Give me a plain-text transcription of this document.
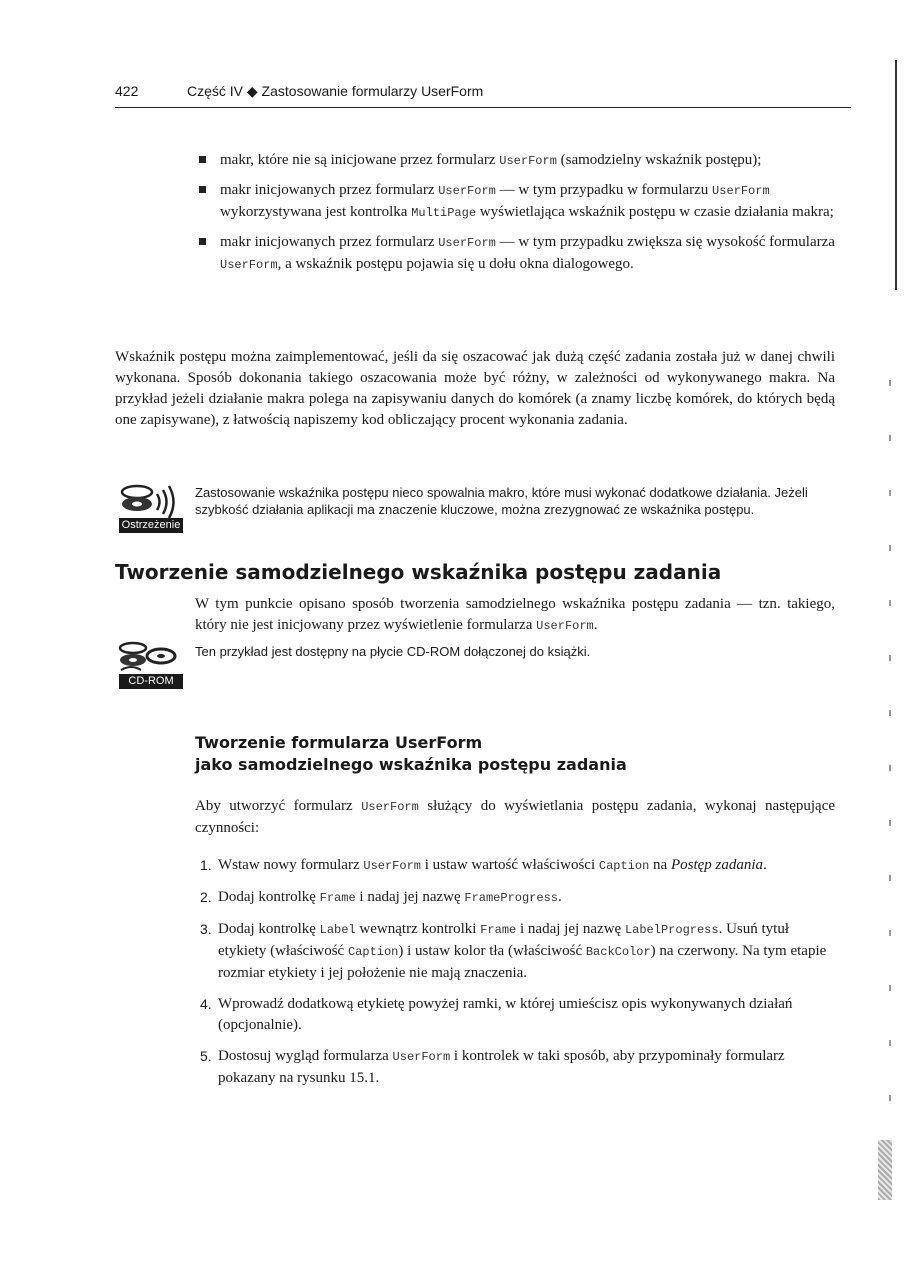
422	Część IV ◆ Zastosowanie formularzy UserForm
makr, które nie są inicjowane przez formularz UserForm (samodzielny wskaźnik postępu);
makr inicjowanych przez formularz UserForm — w tym przypadku w formularzu UserForm wykorzystywana jest kontrolka MultiPage wyświetlająca wskaźnik postępu w czasie działania makra;
makr inicjowanych przez formularz UserForm — w tym przypadku zwiększa się wysokość formularza UserForm, a wskaźnik postępu pojawia się u dołu okna dialogowego.

Wskaźnik postępu można zaimplementować, jeśli da się oszacować jak dużą część zadania została już w danej chwili wykonana. Sposób dokonania takiego oszacowania może być różny, w zależności od wykonywanego makra. Na przykład jeżeli działanie makra polega na zapisywaniu danych do komórek (a znamy liczbę komórek, do których będą one zapisywane), z łatwością napiszemy kod obliczający procent wykonania zadania.

Ostrzeżenie

Zastosowanie wskaźnika postępu nieco spowalnia makro, które musi wykonać dodatkowe działania. Jeżeli szybkość działania aplikacji ma znaczenie kluczowe, można zrezygnować ze wskaźnika postępu.

Tworzenie samodzielnego wskaźnika postępu zadania

W tym punkcie opisano sposób tworzenia samodzielnego wskaźnika postępu zadania — tzn. takiego, który nie jest inicjowany przez wyświetlenie formularza UserForm.

CD-ROM

Ten przykład jest dostępny na płycie CD-ROM dołączonej do książki.

Tworzenie formularza UserForm
jako samodzielnego wskaźnika postępu zadania

Aby utworzyć formularz UserForm służący do wyświetlania postępu zadania, wykonaj następujące czynności:

1. Wstaw nowy formularz UserForm i ustaw wartość właściwości Caption na Postęp zadania.
2. Dodaj kontrolkę Frame i nadaj jej nazwę FrameProgress.
3. Dodaj kontrolkę Label wewnątrz kontrolki Frame i nadaj jej nazwę LabelProgress. Usuń tytuł etykiety (właściwość Caption) i ustaw kolor tła (właściwość BackColor) na czerwony. Na tym etapie rozmiar etykiety i jej położenie nie mają znaczenia.
4. Wprowadź dodatkową etykietę powyżej ramki, w której umieścisz opis wykonywanych działań (opcjonalnie).
5. Dostosuj wygląd formularza UserForm i kontrolek w taki sposób, aby przypominały formularz pokazany na rysunku 15.1.
